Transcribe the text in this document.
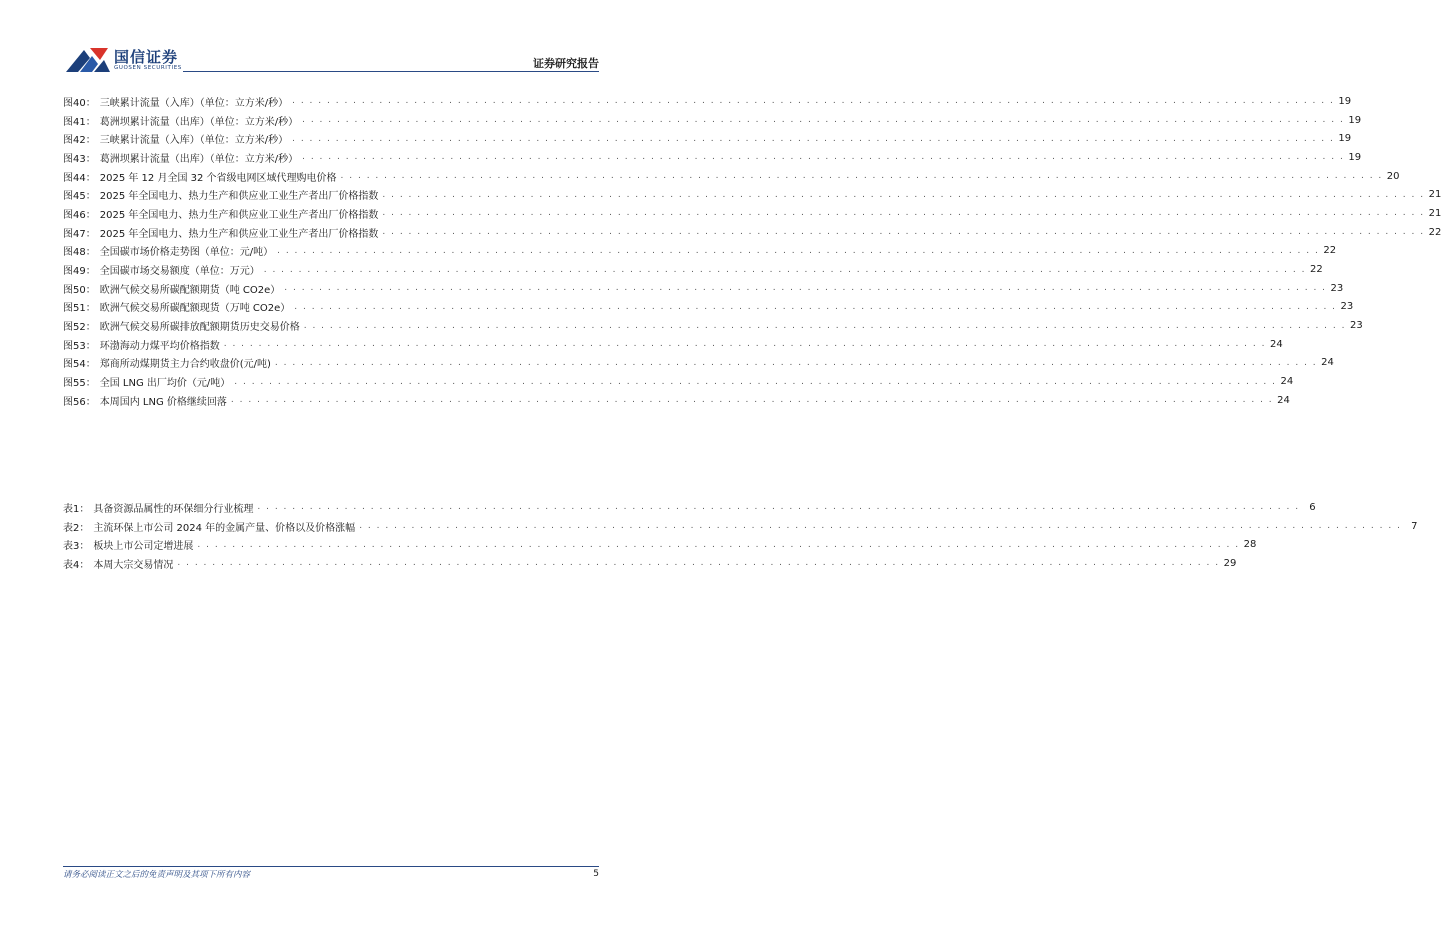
国信证券
GUOSEN SECURITIES	证券研究报告
图40： 三峡累计流量（入库）（单位：立方米/秒） . . . . . . . . . . . . . . . . . . . . . . . . . . . . . . . . . . . . . . . . . . . . . . . . . . . . . . . . . . . . . . . . . . . . . . . . . . . . . . . . . . . . . . . . . . . . . . . . . . . . . . . . . . . . . . . . . . . . . . . . 19
图41： 葛洲坝累计流量（出库）（单位：立方米/秒） . . . . . . . . . . . . . . . . . . . . . . . . . . . . . . . . . . . . . . . . . . . . . . . . . . . . . . . . . . . . . . . . . . . . . . . . . . . . . . . . . . . . . . . . . . . . . . . . . . . . . . . . . . . . . . . . . . . . . . . . 19
图42： 三峡累计流量（入库）（单位：立方米/秒） . . . . . . . . . . . . . . . . . . . . . . . . . . . . . . . . . . . . . . . . . . . . . . . . . . . . . . . . . . . . . . . . . . . . . . . . . . . . . . . . . . . . . . . . . . . . . . . . . . . . . . . . . . . . . . . . . . . . . . . . 19
图43： 葛洲坝累计流量（出库）（单位：立方米/秒） . . . . . . . . . . . . . . . . . . . . . . . . . . . . . . . . . . . . . . . . . . . . . . . . . . . . . . . . . . . . . . . . . . . . . . . . . . . . . . . . . . . . . . . . . . . . . . . . . . . . . . . . . . . . . . . . . . . . . . . . 19
图44： 2025 年 12 月全国 32 个省级电网区域代理购电价格 . . . . . . . . . . . . . . . . . . . . . . . . . . . . . . . . . . . . . . . . . . . . . . . . . . . . . . . . . . . . . . . . . . . . . . . . . . . . . . . . . . . . . . . . . . . . . . . . . . . . . . . . . . . . . . . . . . . . . . . . 20
图45： 2025 年全国电力、热力生产和供应业工业生产者出厂价格指数 . . . . . . . . . . . . . . . . . . . . . . . . . . . . . . . . . . . . . . . . . . . . . . . . . . . . . . . . . . . . . . . . . . . . . . . . . . . . . . . . . . . . . . . . . . . . . . . . . . . . . . . . . . . . . . . . . . . . . . . . 21
图46： 2025 年全国电力、热力生产和供应业工业生产者出厂价格指数 . . . . . . . . . . . . . . . . . . . . . . . . . . . . . . . . . . . . . . . . . . . . . . . . . . . . . . . . . . . . . . . . . . . . . . . . . . . . . . . . . . . . . . . . . . . . . . . . . . . . . . . . . . . . . . . . . . . . . . . . 21
图47： 2025 年全国电力、热力生产和供应业工业生产者出厂价格指数 . . . . . . . . . . . . . . . . . . . . . . . . . . . . . . . . . . . . . . . . . . . . . . . . . . . . . . . . . . . . . . . . . . . . . . . . . . . . . . . . . . . . . . . . . . . . . . . . . . . . . . . . . . . . . . . . . . . . . . . . 22
图48： 全国碳市场价格走势图（单位：元/吨） . . . . . . . . . . . . . . . . . . . . . . . . . . . . . . . . . . . . . . . . . . . . . . . . . . . . . . . . . . . . . . . . . . . . . . . . . . . . . . . . . . . . . . . . . . . . . . . . . . . . . . . . . . . . . . . . . . . . . . . . 22
图49： 全国碳市场交易额度（单位：万元） . . . . . . . . . . . . . . . . . . . . . . . . . . . . . . . . . . . . . . . . . . . . . . . . . . . . . . . . . . . . . . . . . . . . . . . . . . . . . . . . . . . . . . . . . . . . . . . . . . . . . . . . . . . . . . . . . . . . . . . . 22
图50： 欧洲气候交易所碳配额期货（吨 CO2e） . . . . . . . . . . . . . . . . . . . . . . . . . . . . . . . . . . . . . . . . . . . . . . . . . . . . . . . . . . . . . . . . . . . . . . . . . . . . . . . . . . . . . . . . . . . . . . . . . . . . . . . . . . . . . . . . . . . . . . . . 23
图51： 欧洲气候交易所碳配额现货（万吨 CO2e） . . . . . . . . . . . . . . . . . . . . . . . . . . . . . . . . . . . . . . . . . . . . . . . . . . . . . . . . . . . . . . . . . . . . . . . . . . . . . . . . . . . . . . . . . . . . . . . . . . . . . . . . . . . . . . . . . . . . . . . . 23
图52： 欧洲气候交易所碳排放配额期货历史交易价格 . . . . . . . . . . . . . . . . . . . . . . . . . . . . . . . . . . . . . . . . . . . . . . . . . . . . . . . . . . . . . . . . . . . . . . . . . . . . . . . . . . . . . . . . . . . . . . . . . . . . . . . . . . . . . . . . . . . . . . . . 23
图53： 环渤海动力煤平均价格指数 . . . . . . . . . . . . . . . . . . . . . . . . . . . . . . . . . . . . . . . . . . . . . . . . . . . . . . . . . . . . . . . . . . . . . . . . . . . . . . . . . . . . . . . . . . . . . . . . . . . . . . . . . . . . . . . . . . . . . . . . 24
图54： 郑商所动煤期货主力合约收盘价(元/吨) . . . . . . . . . . . . . . . . . . . . . . . . . . . . . . . . . . . . . . . . . . . . . . . . . . . . . . . . . . . . . . . . . . . . . . . . . . . . . . . . . . . . . . . . . . . . . . . . . . . . . . . . . . . . . . . . . . . . . . . . 24
图55： 全国 LNG 出厂均价（元/吨） . . . . . . . . . . . . . . . . . . . . . . . . . . . . . . . . . . . . . . . . . . . . . . . . . . . . . . . . . . . . . . . . . . . . . . . . . . . . . . . . . . . . . . . . . . . . . . . . . . . . . . . . . . . . . . . . . . . . . . . . 24
图56： 本周国内 LNG 价格继续回落 . . . . . . . . . . . . . . . . . . . . . . . . . . . . . . . . . . . . . . . . . . . . . . . . . . . . . . . . . . . . . . . . . . . . . . . . . . . . . . . . . . . . . . . . . . . . . . . . . . . . . . . . . . . . . . . . . . . . . . . . 24
表1： 具备资源品属性的环保细分行业梳理 . . . . . . . . . . . . . . . . . . . . . . . . . . . . . . . . . . . . . . . . . . . . . . . . . . . . . . . . . . . . . . . . . . . . . . . . . . . . . . . . . . . . . . . . . . . . . . . . . . . . . . . . . . . . . . . . . . . . . . . . 6
表2： 主流环保上市公司 2024 年的金属产量、价格以及价格涨幅 . . . . . . . . . . . . . . . . . . . . . . . . . . . . . . . . . . . . . . . . . . . . . . . . . . . . . . . . . . . . . . . . . . . . . . . . . . . . . . . . . . . . . . . . . . . . . . . . . . . . . . . . . . . . . . . . . . . . . . . . 7
表3： 板块上市公司定增进展 . . . . . . . . . . . . . . . . . . . . . . . . . . . . . . . . . . . . . . . . . . . . . . . . . . . . . . . . . . . . . . . . . . . . . . . . . . . . . . . . . . . . . . . . . . . . . . . . . . . . . . . . . . . . . . . . . . . . . . . . 28
表4： 本周大宗交易情况 . . . . . . . . . . . . . . . . . . . . . . . . . . . . . . . . . . . . . . . . . . . . . . . . . . . . . . . . . . . . . . . . . . . . . . . . . . . . . . . . . . . . . . . . . . . . . . . . . . . . . . . . . . . . . . . . . . . . . . . . 29
请务必阅读正文之后的免责声明及其项下所有内容	5
